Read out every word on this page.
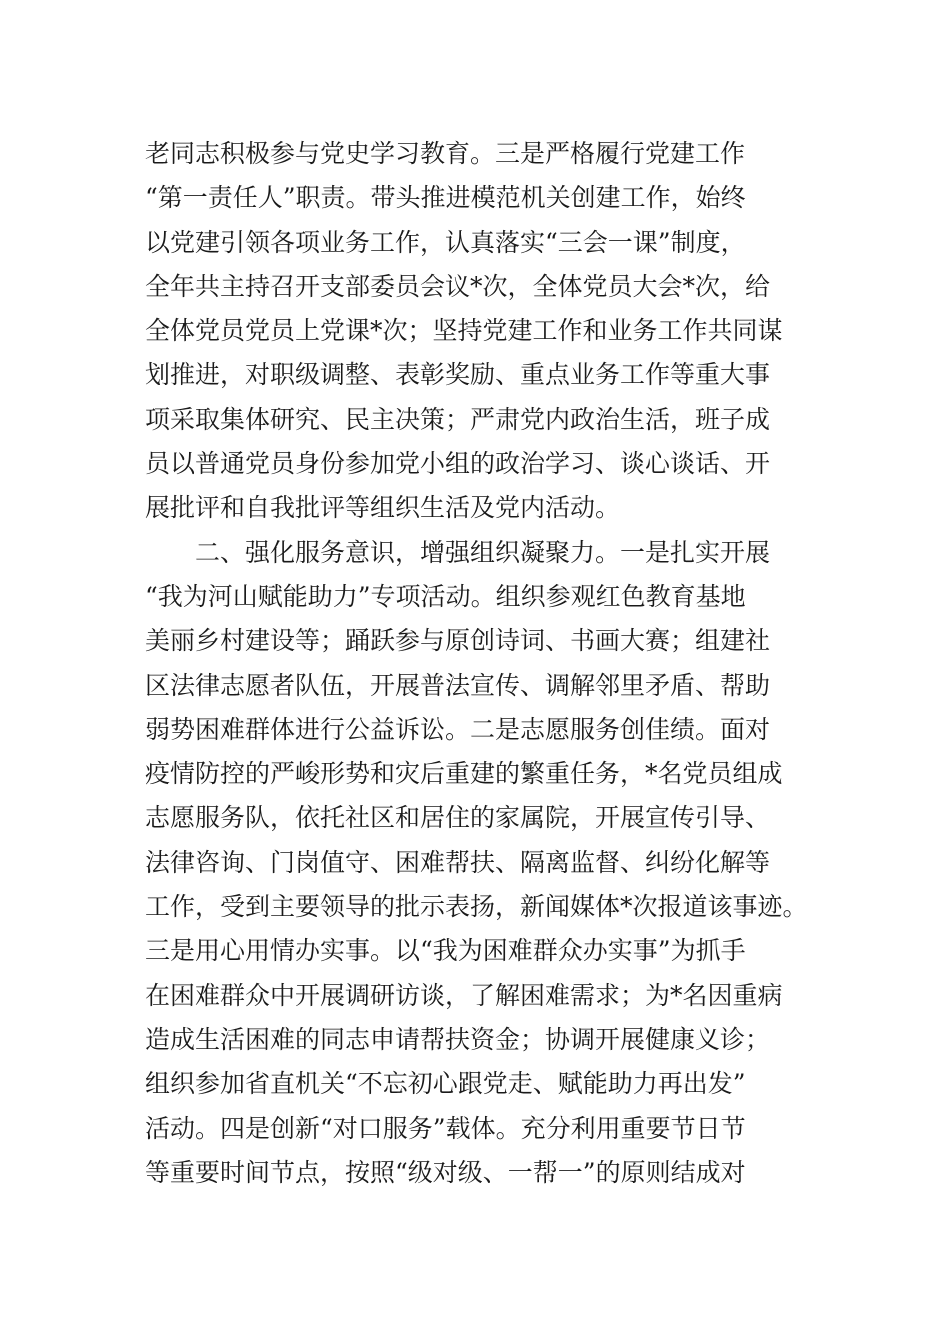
老同志积极参与党史学习教育。三是严格履行党建工作
“第一责任人”职责。带头推进模范机关创建工作，始终
以党建引领各项业务工作，认真落实“三会一课”制度，
全年共主持召开支部委员会议*次，全体党员大会*次，给
全体党员党员上党课*次；坚持党建工作和业务工作共同谋
划推进，对职级调整、表彰奖励、重点业务工作等重大事
项采取集体研究、民主决策；严肃党内政治生活，班子成
员以普通党员身份参加党小组的政治学习、谈心谈话、开
展批评和自我批评等组织生活及党内活动。
　　二、强化服务意识，增强组织凝聚力。一是扎实开展
“我为河山赋能助力”专项活动。组织参观红色教育基地
美丽乡村建设等；踊跃参与原创诗词、书画大赛；组建社
区法律志愿者队伍，开展普法宣传、调解邻里矛盾、帮助
弱势困难群体进行公益诉讼。二是志愿服务创佳绩。面对
疫情防控的严峻形势和灾后重建的繁重任务，*名党员组成
志愿服务队，依托社区和居住的家属院，开展宣传引导、
法律咨询、门岗值守、困难帮扶、隔离监督、纠纷化解等
工作，受到主要领导的批示表扬，新闻媒体*次报道该事迹。
三是用心用情办实事。以“我为困难群众办实事”为抓手
在困难群众中开展调研访谈，了解困难需求；为*名因重病
造成生活困难的同志申请帮扶资金；协调开展健康义诊；
组织参加省直机关“不忘初心跟党走、赋能助力再出发”
活动。四是创新“对口服务”载体。充分利用重要节日节
等重要时间节点，按照“级对级、一帮一”的原则结成对
